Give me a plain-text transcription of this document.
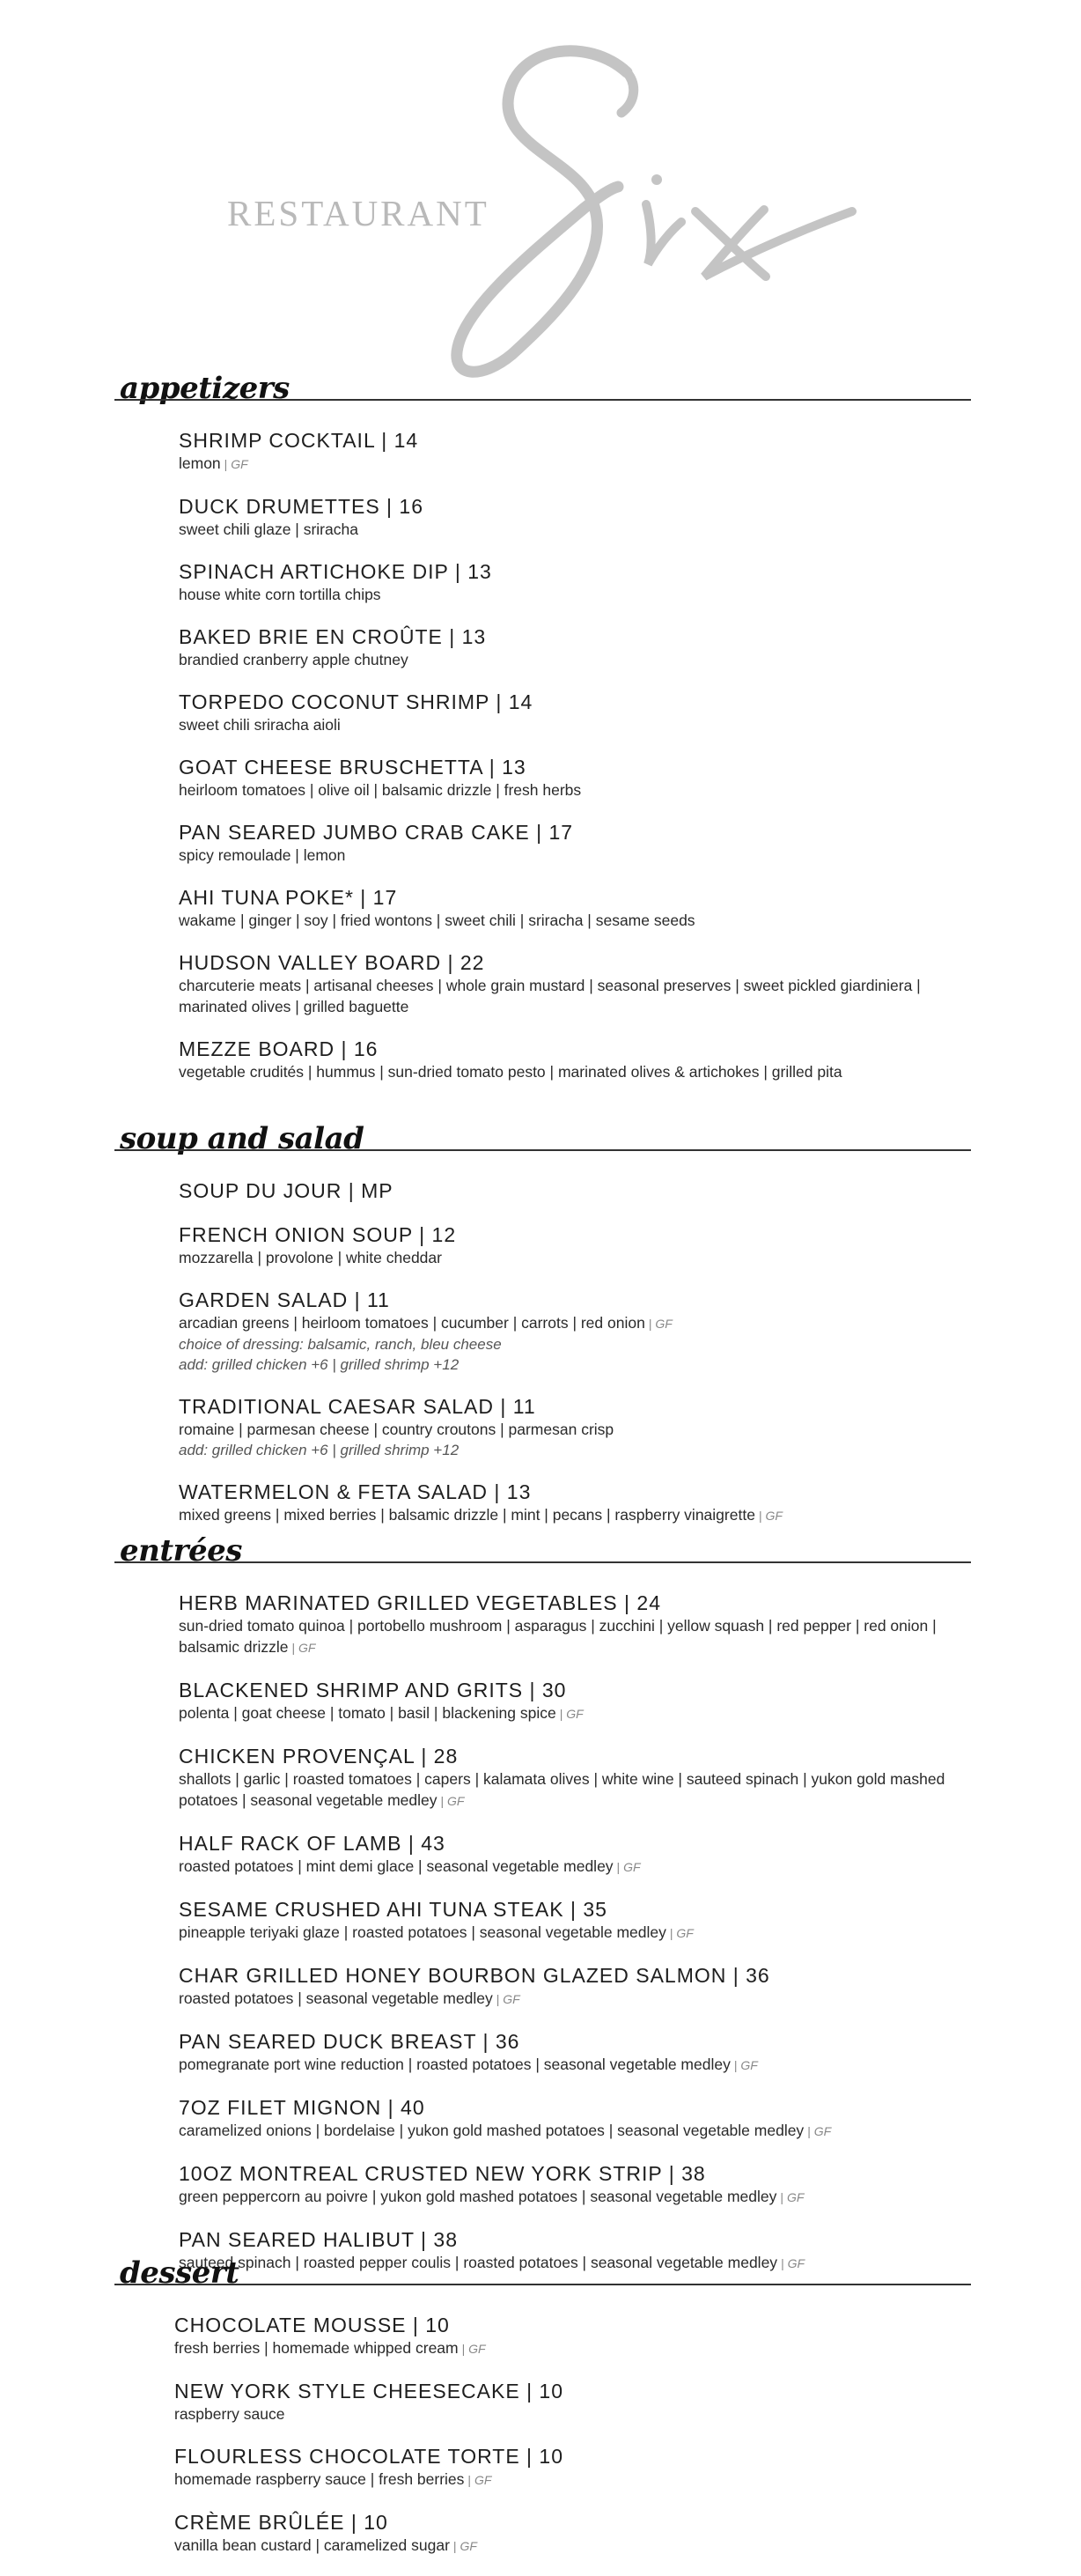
RESTAURANT
appetizers
SHRIMP COCKTAIL | 14
lemon | GF
DUCK DRUMETTES | 16
sweet chili glaze | sriracha
SPINACH ARTICHOKE DIP | 13
house white corn tortilla chips
BAKED BRIE EN CROÛTE | 13
brandied cranberry apple chutney
TORPEDO COCONUT SHRIMP | 14
sweet chili sriracha aioli
GOAT CHEESE BRUSCHETTA | 13
heirloom tomatoes | olive oil | balsamic drizzle | fresh herbs
PAN SEARED JUMBO CRAB CAKE | 17
spicy remoulade | lemon
AHI TUNA POKE* | 17
wakame | ginger | soy | fried wontons | sweet chili | sriracha | sesame seeds
HUDSON VALLEY BOARD | 22
charcuterie meats | artisanal cheeses | whole grain mustard | seasonal preserves | sweet pickled giardiniera | marinated olives | grilled baguette
MEZZE BOARD | 16
vegetable crudités | hummus | sun-dried tomato pesto | marinated olives & artichokes | grilled pita
soup and salad
SOUP DU JOUR | MP
FRENCH ONION SOUP | 12
mozzarella | provolone | white cheddar
GARDEN SALAD | 11
arcadian greens | heirloom tomatoes | cucumber | carrots | red onion | GF
choice of dressing: balsamic, ranch, bleu cheese
add: grilled chicken +6 | grilled shrimp +12
TRADITIONAL CAESAR SALAD | 11
romaine | parmesan cheese | country croutons | parmesan crisp
add: grilled chicken +6 | grilled shrimp +12
WATERMELON & FETA SALAD | 13
mixed greens | mixed berries | balsamic drizzle | mint | pecans | raspberry vinaigrette | GF
entrées
HERB MARINATED GRILLED VEGETABLES | 24
sun-dried tomato quinoa | portobello mushroom | asparagus | zucchini | yellow squash | red pepper | red onion | balsamic drizzle | GF
BLACKENED SHRIMP AND GRITS | 30
polenta | goat cheese | tomato | basil | blackening spice | GF
CHICKEN PROVENÇAL | 28
shallots | garlic | roasted tomatoes | capers | kalamata olives | white wine | sauteed spinach | yukon gold mashed potatoes | seasonal vegetable medley | GF
HALF RACK OF LAMB | 43
roasted potatoes | mint demi glace | seasonal vegetable medley | GF
SESAME CRUSHED AHI TUNA STEAK | 35
pineapple teriyaki glaze | roasted potatoes | seasonal vegetable medley | GF
CHAR GRILLED HONEY BOURBON GLAZED SALMON | 36
roasted potatoes | seasonal vegetable medley | GF
PAN SEARED DUCK BREAST | 36
pomegranate port wine reduction | roasted potatoes | seasonal vegetable medley | GF
7OZ FILET MIGNON | 40
caramelized onions | bordelaise | yukon gold mashed potatoes | seasonal vegetable medley | GF
10OZ MONTREAL CRUSTED NEW YORK STRIP | 38
green peppercorn au poivre | yukon gold mashed potatoes | seasonal vegetable medley | GF
PAN SEARED HALIBUT | 38
sauteed spinach | roasted pepper coulis | roasted potatoes | seasonal vegetable medley | GF
dessert
CHOCOLATE MOUSSE | 10
fresh berries | homemade whipped cream | GF
NEW YORK STYLE CHEESECAKE | 10
raspberry sauce
FLOURLESS CHOCOLATE TORTE | 10
homemade raspberry sauce | fresh berries | GF
CRÈME BRÛLÉE | 10
vanilla bean custard | caramelized sugar | GF
